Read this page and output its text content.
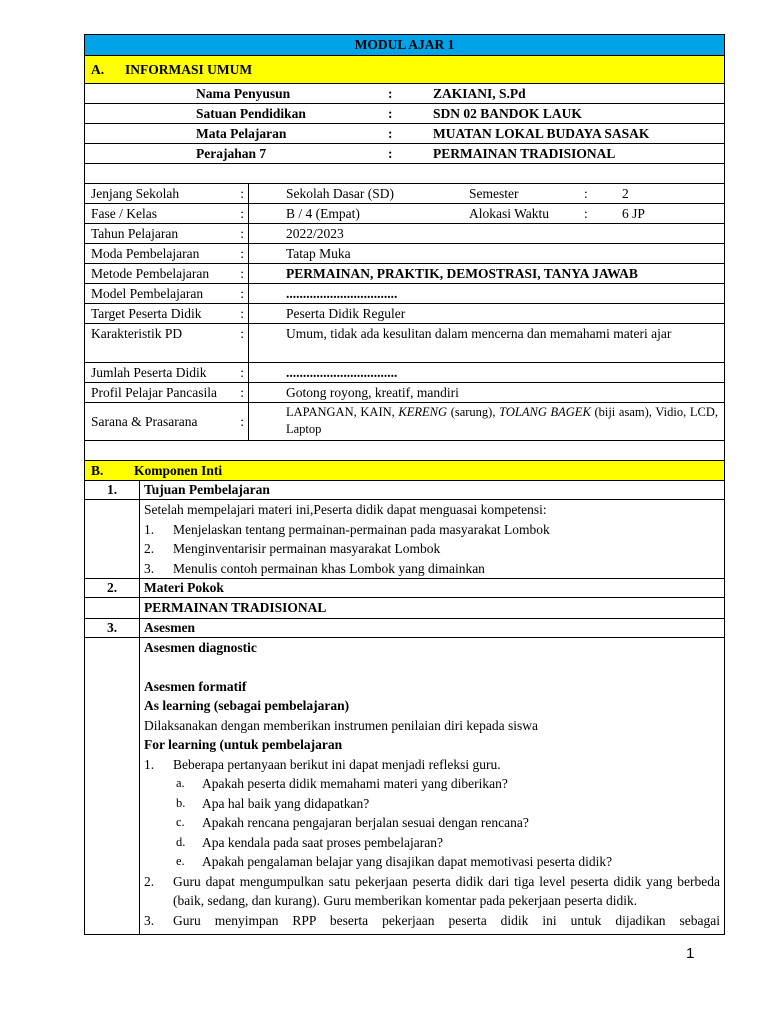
MODUL AJAR 1
A. INFORMASI UMUM
Nama Penyusun	:	ZAKIANI, S.Pd
Satuan Pendidikan	:	SDN 02 BANDOK LAUK
Mata Pelajaran	:	MUATAN LOKAL BUDAYA SASAK
Perajahan 7	:	PERMAINAN TRADISIONAL
Jenjang Sekolah	:	Sekolah Dasar (SD)	Semester	:	2
Fase / Kelas	:	B / 4 (Empat)	Alokasi Waktu	:	6 JP
Tahun Pelajaran	:	2022/2023
Moda Pembelajaran	:	Tatap Muka
Metode Pembelajaran :	PERMAINAN, PRAKTIK, DEMOSTRASI, TANYA JAWAB
Model Pembelajaran	:	.................................
Target Peserta Didik	:	Peserta Didik Reguler
Karakteristik PD	:	Umum, tidak ada kesulitan dalam mencerna dan memahami materi ajar
Jumlah Peserta Didik	:	.................................
Profil Pelajar Pancasila :	Gotong royong, kreatif, mandiri
Sarana & Prasarana	:
LAPANGAN, KAIN, KERENG (sarung), TOLANG BAGEK (biji asam), Vidio, LCD, Laptop
B. Komponen Inti
1.	Tujuan Pembelajaran
Setelah mempelajari materi ini,Peserta didik dapat menguasai kompetensi:
1. Menjelaskan tentang permainan-permainan pada masyarakat Lombok
2. Menginventarisir permainan masyarakat Lombok
3. Menulis contoh permainan khas Lombok yang dimainkan
2.	Materi Pokok
PERMAINAN TRADISIONAL
3.	Asesmen
Asesmen diagnostic
Asesmen formatif
As learning (sebagai pembelajaran)
Dilaksanakan dengan memberikan instrumen penilaian diri kepada siswa
For learning (untuk pembelajaran
1. Beberapa pertanyaan berikut ini dapat menjadi refleksi guru.
a. Apakah peserta didik memahami materi yang diberikan?
b. Apa hal baik yang didapatkan?
c. Apakah rencana pengajaran berjalan sesuai dengan rencana?
d. Apa kendala pada saat proses pembelajaran?
e. Apakah pengalaman belajar yang disajikan dapat memotivasi peserta didik?
2. Guru dapat mengumpulkan satu pekerjaan peserta didik dari tiga level peserta didik yang berbeda (baik, sedang, dan kurang). Guru memberikan komentar pada pekerjaan peserta didik.
3. Guru menyimpan RPP beserta pekerjaan peserta didik ini untuk dijadikan sebagai
1
